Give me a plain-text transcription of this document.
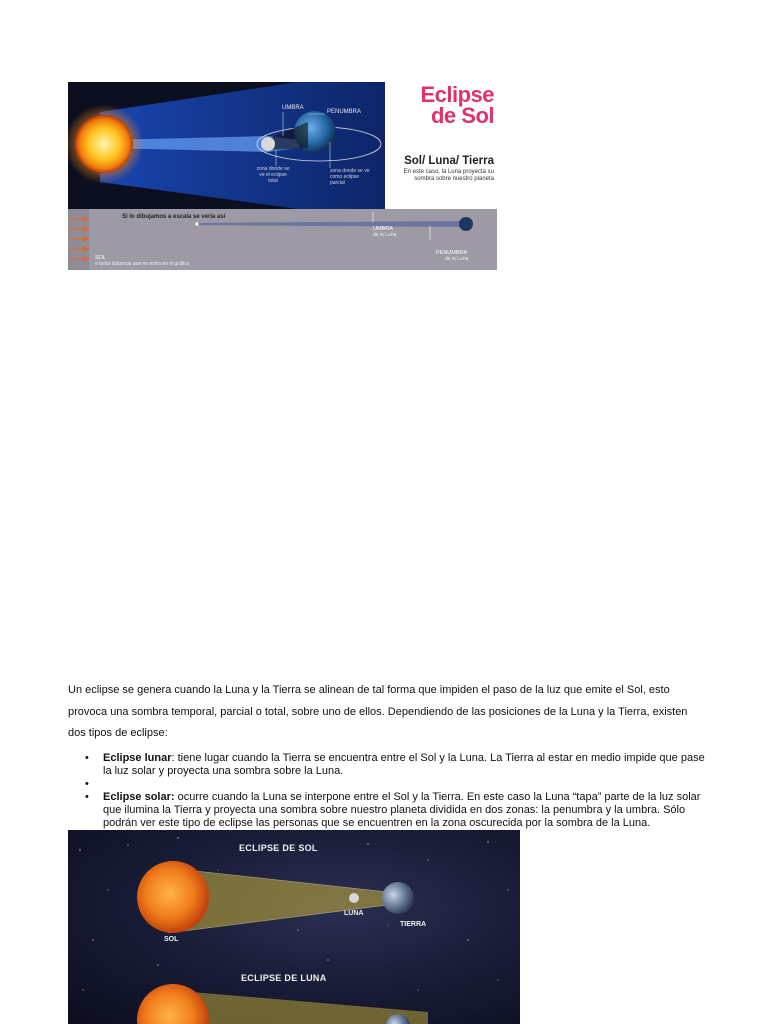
UMBRA
PENUMBRA
zona donde se ve el eclipse total
zona donde se ve como eclipse parcial
Eclipse
de Sol
Sol/ Luna/ Tierra
En este caso, la Luna proyecta su sombra sobre nuestro planeta
Si lo dibujamos a escala se vería así
UMBRA
de la Luna
PENUMBRA
de la Luna
SOL
a tanta distancia que no entra en el gráfico
Un eclipse se genera cuando la Luna y la Tierra se alinean de tal forma que impiden el paso de la luz que emite el Sol, esto provoca una sombra temporal, parcial o total, sobre uno de ellos. Dependiendo de las posiciones de la Luna y la Tierra, existen dos tipos de eclipse:
• Eclipse lunar: tiene lugar cuando la Tierra se encuentra entre el Sol y la Luna. La Tierra al estar en medio impide que pase la luz solar y proyecta una sombra sobre la Luna.
•
• Eclipse solar: ocurre cuando la Luna se interpone entre el Sol y la Tierra. En este caso la Luna “tapa” parte de la luz solar que ilumina la Tierra y proyecta una sombra sobre nuestro planeta dividida en dos zonas: la penumbra y la umbra. Sólo podrán ver este tipo de eclipse las personas que se encuentren en la zona oscurecida por la sombra de la Luna.
ECLIPSE DE SOL
SOL
LUNA
TIERRA
ECLIPSE DE LUNA
